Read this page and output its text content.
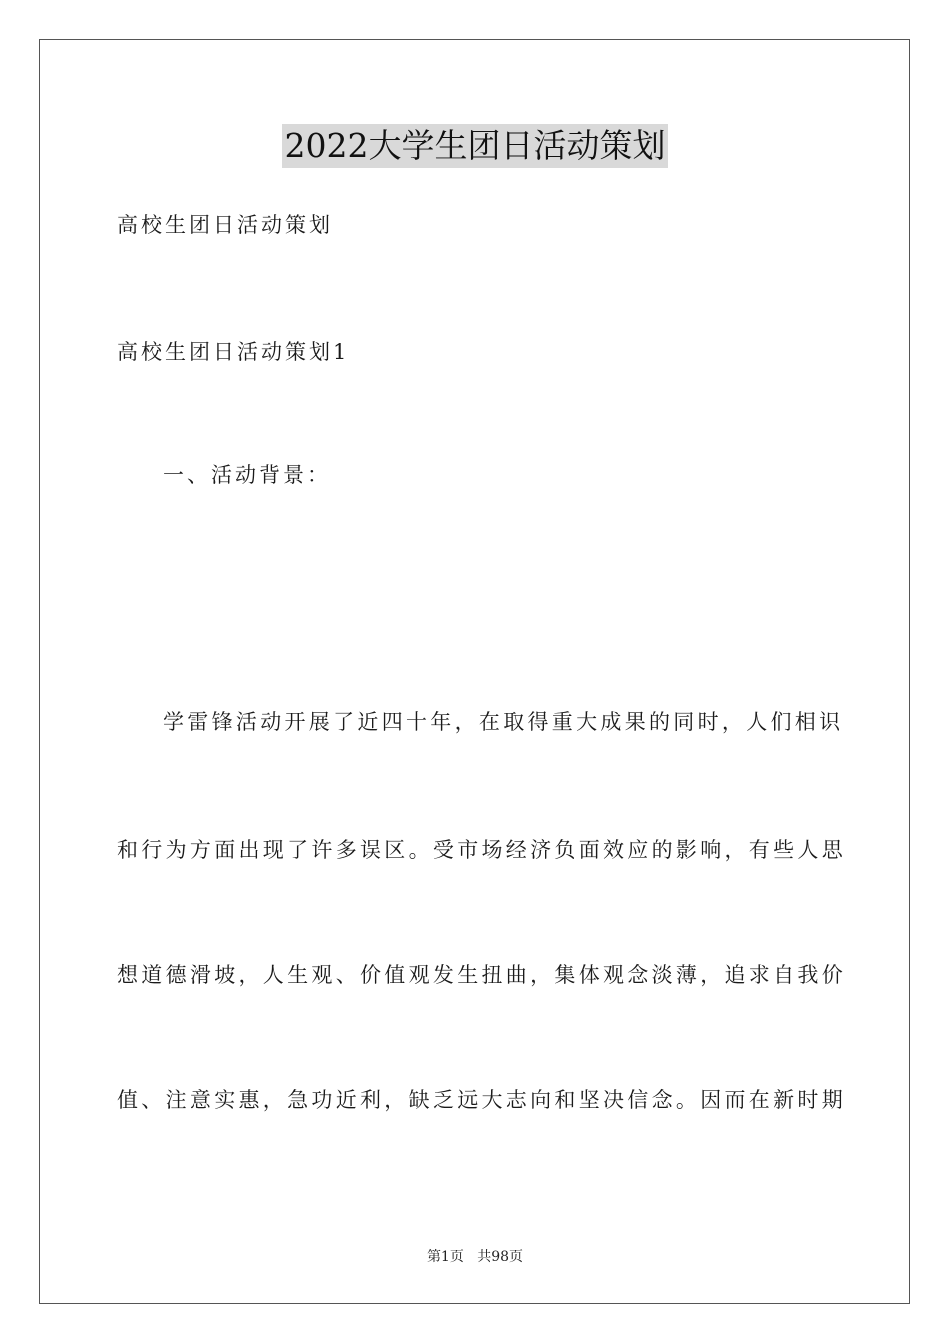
2022大学生团日活动策划
高校生团日活动策划
高校生团日活动策划1
一、活动背景：
学雷锋活动开展了近四十年，在取得重大成果的同时，人们相识
和行为方面出现了许多误区。受市场经济负面效应的影响，有些人思
想道德滑坡，人生观、价值观发生扭曲，集体观念淡薄，追求自我价
值、注意实惠，急功近利，缺乏远大志向和坚决信念。因而在新时期
第1页 共98页
